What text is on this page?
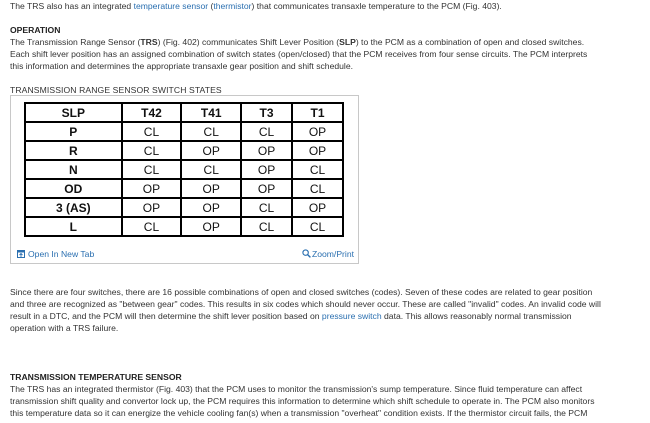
The TRS also has an integrated temperature sensor (thermistor) that communicates transaxle temperature to the PCM (Fig. 403).

OPERATION

The Transmission Range Sensor (TRS) (Fig. 402) communicates Shift Lever Position (SLP) to the PCM as a combination of open and closed switches.

Each shift lever position has an assigned combination of switch states (open/closed) that the PCM receives from four sense circuits. The PCM interprets

this information and determines the appropriate transaxle gear position and shift schedule.

TRANSMISSION RANGE SENSOR SWITCH STATES

SLP	T42	T41	T3	T1
P	CL	CL	CL	OP
R	CL	OP	OP	OP
N	CL	CL	OP	CL
OD	OP	OP	OP	CL
3 (AS)	OP	OP	CL	OP
L	CL	OP	CL	CL
Open In New Tab	Zoom/Print

Since there are four switches, there are 16 possible combinations of open and closed switches (codes). Seven of these codes are related to gear position

and three are recognized as "between gear" codes. This results in six codes which should never occur. These are called "invalid" codes. An invalid code will

result in a DTC, and the PCM will then determine the shift lever position based on pressure switch data. This allows reasonably normal transmission

operation with a TRS failure.

TRANSMISSION TEMPERATURE SENSOR

The TRS has an integrated thermistor (Fig. 403) that the PCM uses to monitor the transmission's sump temperature. Since fluid temperature can affect

transmission shift quality and convertor lock up, the PCM requires this information to determine which shift schedule to operate in. The PCM also monitors

this temperature data so it can energize the vehicle cooling fan(s) when a transmission "overheat" condition exists. If the thermistor circuit fails, the PCM
